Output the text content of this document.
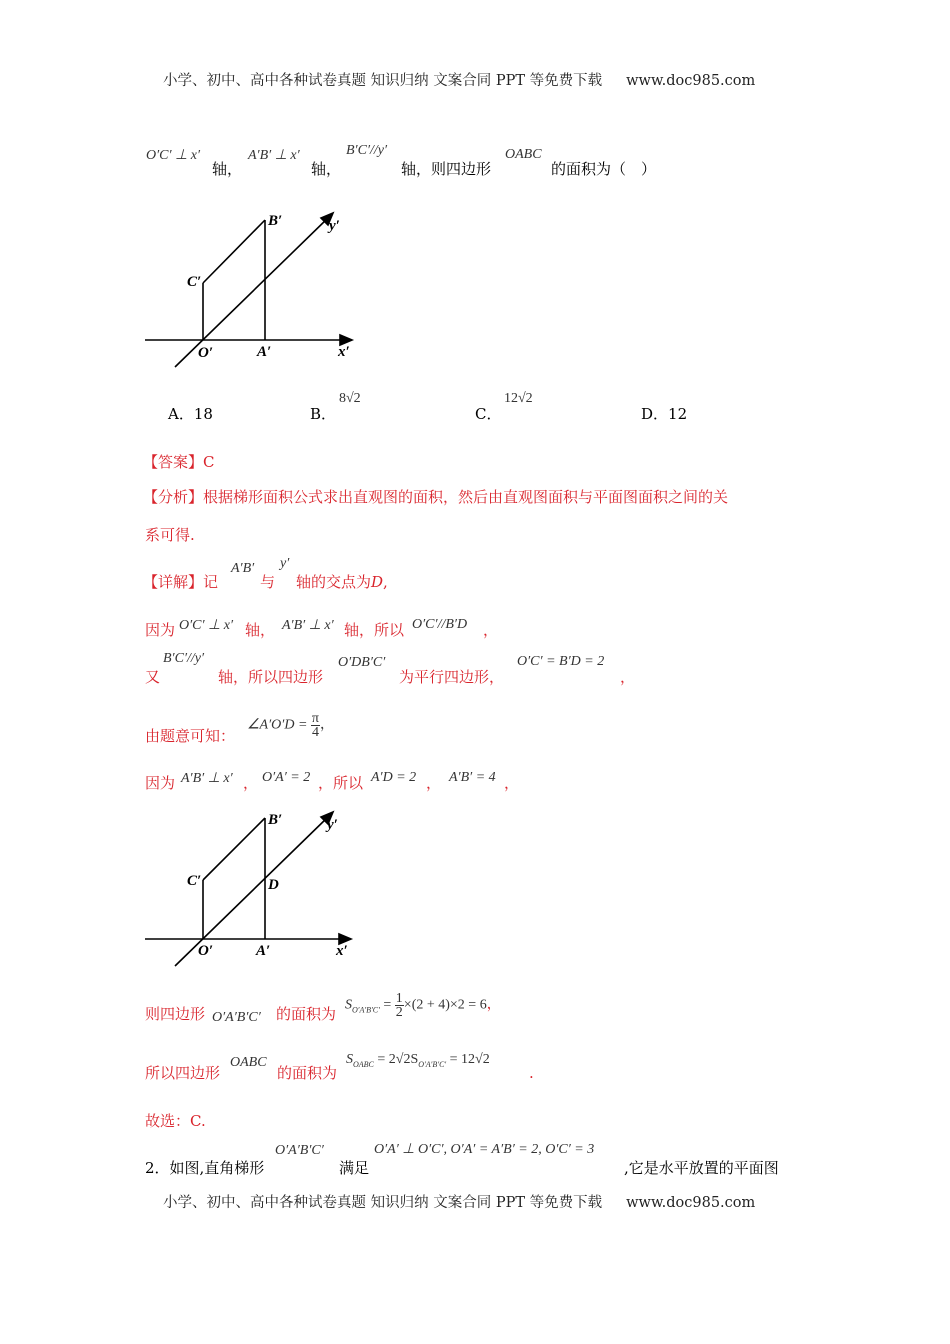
小学、初中、高中各种试卷真题 知识归纳 文案合同 PPT 等免费下载 www.doc985.com
O′C′ ⊥ x′
轴，
A′B′ ⊥ x′
轴，
B′C′//y′
轴，则四边形
OABC
的面积为（　）
B′	y′
C′
O′	A′	x′
B′	y′
C′	D
O′	A′	x′
A．18	B．
8√2
C．
12√2
D．12
【答案】C
【分析】根据梯形面积公式求出直观图的面积，然后由直观图面积与平面图面积之间的关
系可得.
【详解】记
A′B′
与
y′
轴的交点为D,
因为 O′C′ ⊥ x′ 轴， A′B′ ⊥ x′ 轴，所以 O′C′//B′D ，
又
B′C′//y′
轴，所以四边形
O′DB′C′
为平行四边形，
O′C′ = B′D = 2
，
由题意可知：
∠A′O′D = $\frac{\pi}{4}$ ，
因为 A′B′ ⊥ x′ ， O′A′ = 2 ，所以 A′D = 2 ， A′B′ = 4 ，
则四边形 O′A′B′C′ 的面积为 $S_{O'A'B'C'} = \frac{1}{2} \times(2 + 4)\times 2 = 6$，
所以四边形
OABC
的面积为
$S_{OABC} = 2√2S_{O'A'B'C'} = 12√2$
.
故选：C.
2．如图,直角梯形
O′A′B′C′
满足
O′A′ ⊥ O′C′, O′A′ = A′B′ = 2, O′C′ = 3
,它是水平放置的平面图
小学、初中、高中各种试卷真题 知识归纳 文案合同 PPT 等免费下载 www.doc985.com
